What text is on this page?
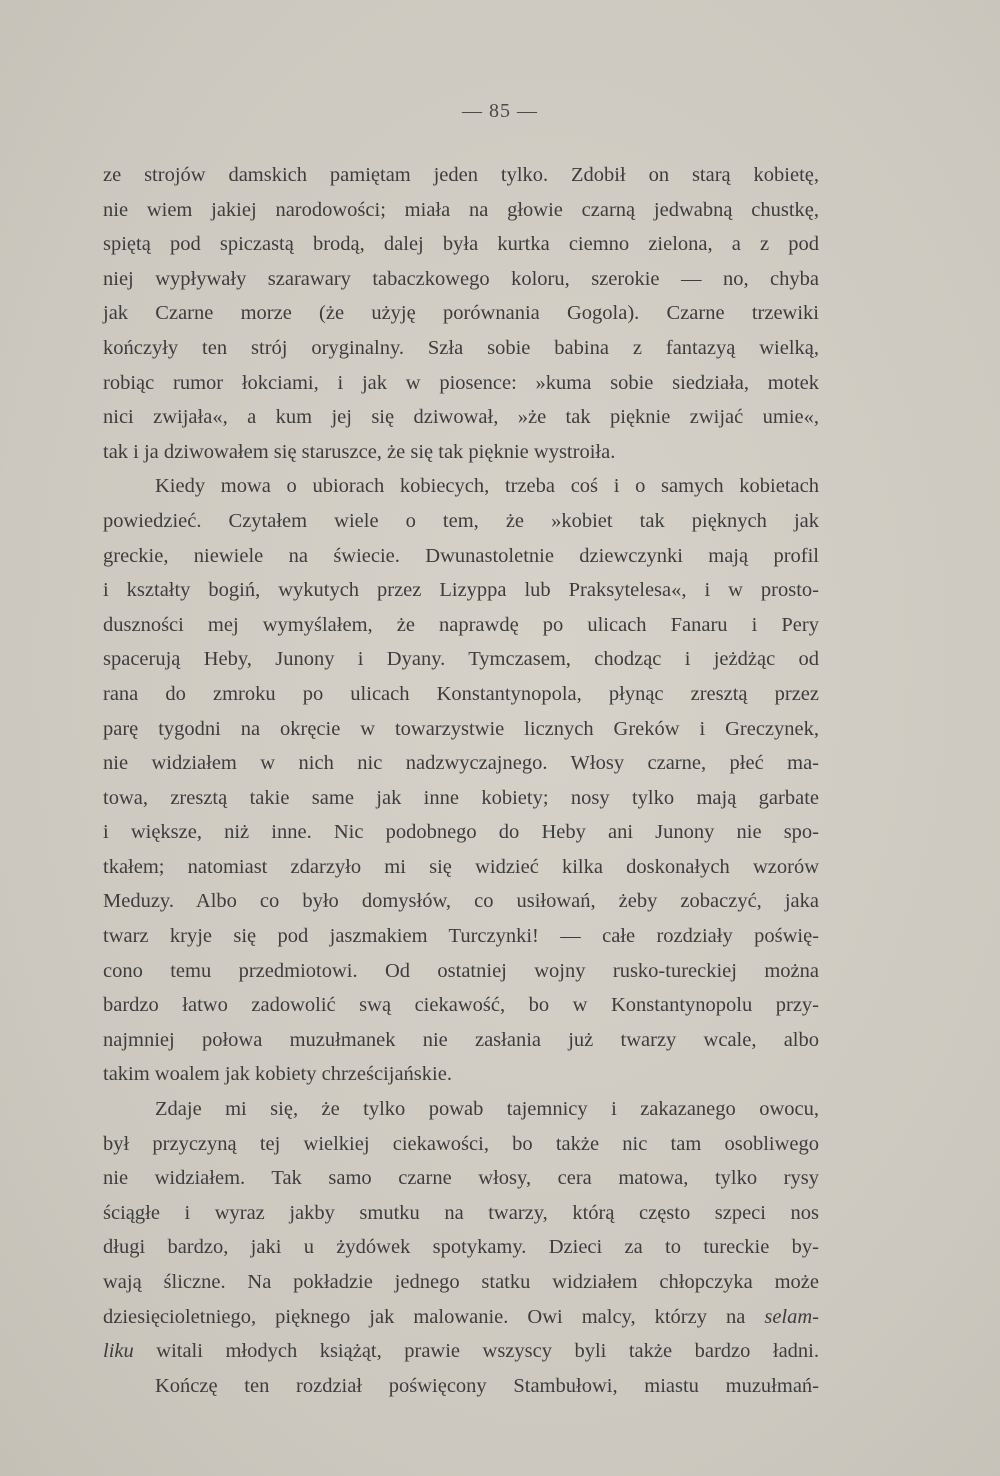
— 85 —
ze strojów damskich pamiętam jeden tylko. Zdobił on starą kobietę,
nie wiem jakiej narodowości; miała na głowie czarną jedwabną chustkę,
spiętą pod spiczastą brodą, dalej była kurtka ciemno zielona, a z pod
niej wypływały szarawary tabaczkowego koloru, szerokie — no, chyba
jak Czarne morze (że użyję porównania Gogola). Czarne trzewiki
kończyły ten strój oryginalny. Szła sobie babina z fantazyą wielką,
robiąc rumor łokciami, i jak w piosence: »kuma sobie siedziała, motek
nici zwijała«, a kum jej się dziwował, »że tak pięknie zwijać umie«,
tak i ja dziwowałem się staruszce, że się tak pięknie wystroiła.
Kiedy mowa o ubiorach kobiecych, trzeba coś i o samych kobietach
powiedzieć. Czytałem wiele o tem, że »kobiet tak pięknych jak
greckie, niewiele na świecie. Dwunastoletnie dziewczynki mają profil
i kształty bogiń, wykutych przez Lizyppa lub Praksytelesa«, i w prosto-
duszności mej wymyślałem, że naprawdę po ulicach Fanaru i Pery
spacerują Heby, Junony i Dyany. Tymczasem, chodząc i jeżdżąc od
rana do zmroku po ulicach Konstantynopola, płynąc zresztą przez
parę tygodni na okręcie w towarzystwie licznych Greków i Greczynek,
nie widziałem w nich nic nadzwyczajnego. Włosy czarne, płeć ma-
towa, zresztą takie same jak inne kobiety; nosy tylko mają garbate
i większe, niż inne. Nic podobnego do Heby ani Junony nie spo-
tkałem; natomiast zdarzyło mi się widzieć kilka doskonałych wzorów
Meduzy. Albo co było domysłów, co usiłowań, żeby zobaczyć, jaka
twarz kryje się pod jaszmakiem Turczynki! — całe rozdziały poświę-
cono temu przedmiotowi. Od ostatniej wojny rusko-tureckiej można
bardzo łatwo zadowolić swą ciekawość, bo w Konstantynopolu przy-
najmniej połowa muzułmanek nie zasłania już twarzy wcale, albo
takim woalem jak kobiety chrześcijańskie.
Zdaje mi się, że tylko powab tajemnicy i zakazanego owocu,
był przyczyną tej wielkiej ciekawości, bo także nic tam osobliwego
nie widziałem. Tak samo czarne włosy, cera matowa, tylko rysy
ściągłe i wyraz jakby smutku na twarzy, którą często szpeci nos
długi bardzo, jaki u żydówek spotykamy. Dzieci za to tureckie by-
wają śliczne. Na pokładzie jednego statku widziałem chłopczyka może
dziesięcioletniego, pięknego jak malowanie. Owi malcy, którzy na selam-
liku witali młodych książąt, prawie wszyscy byli także bardzo ładni.
Kończę ten rozdział poświęcony Stambułowi, miastu muzułmań-
